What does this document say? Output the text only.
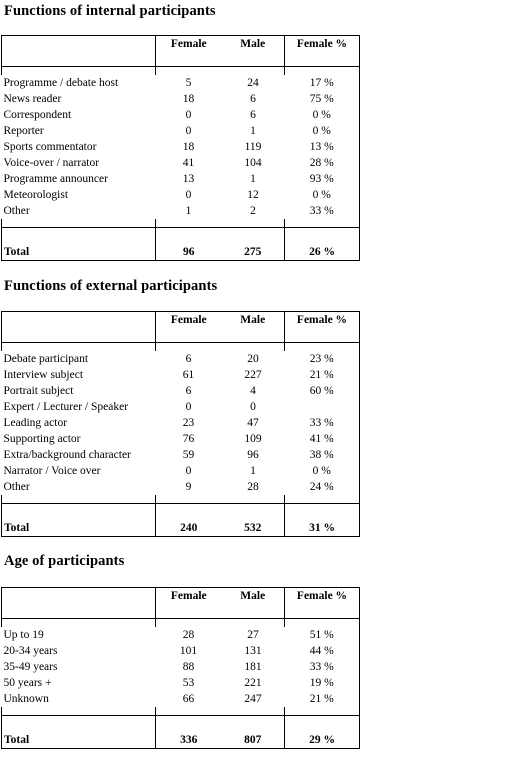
Functions of internal participants
	Female	Male	Female %

Programme / debate host	5	24	17 %
News reader	18	6	75 %
Correspondent	0	6	0 %
Reporter	0	1	0 %
Sports commentator	18	119	13 %
Voice-over / narrator	41	104	28 %
Programme announcer	13	1	93 %
Meteorologist	0	12	0 %
Other	1	2	33 %

Total	96	275	26 %
Functions of external participants
	Female	Male	Female %

Debate participant	6	20	23 %
Interview subject	61	227	21 %
Portrait subject	6	4	60 %
Expert / Lecturer / Speaker	0	0	
Leading actor	23	47	33 %
Supporting actor	76	109	41 %
Extra/background character	59	96	38 %
Narrator / Voice over	0	1	0 %
Other	9	28	24 %

Total	240	532	31 %
Age of participants
	Female	Male	Female %

Up to 19	28	27	51 %
20-34 years	101	131	44 %
35-49 years	88	181	33 %
50 years +	53	221	19 %
Unknown	66	247	21 %

Total	336	807	29 %
